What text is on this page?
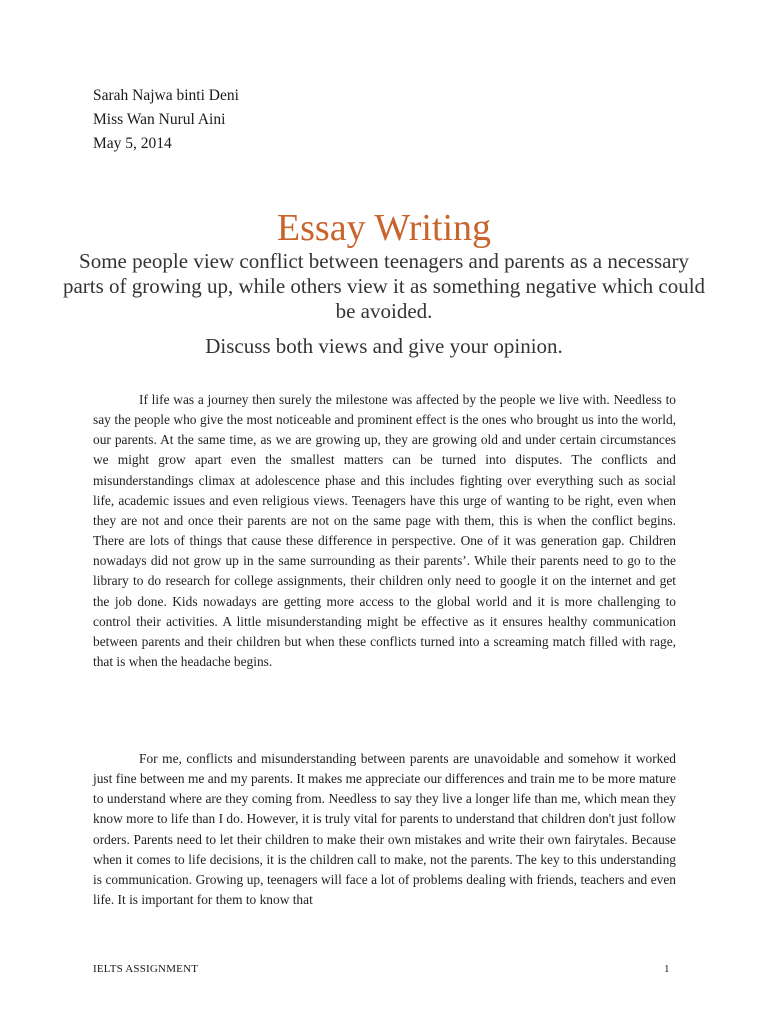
Sarah Najwa binti Deni
Miss Wan Nurul Aini
May 5, 2014
Essay Writing
Some people view conflict between teenagers and parents as a necessary parts of growing up, while others view it as something negative which could be avoided.
Discuss both views and give your opinion.

If life was a journey then surely the milestone was affected by the people we live with. Needless to say the people who give the most noticeable and prominent effect is the ones who brought us into the world, our parents. At the same time, as we are growing up, they are growing old and under certain circumstances we might grow apart even the smallest matters can be turned into disputes. The conflicts and misunderstandings climax at adolescence phase and this includes fighting over everything such as social life, academic issues and even religious views. Teenagers have this urge of wanting to be right, even when they are not and once their parents are not on the same page with them, this is when the conflict begins. There are lots of things that cause these difference in perspective. One of it was generation gap. Children nowadays did not grow up in the same surrounding as their parents’. While their parents need to go to the library to do research for college assignments, their children only need to google it on the internet and get the job done. Kids nowadays are getting more access to the global world and it is more challenging to control their activities. A little misunderstanding might be effective as it ensures healthy communication between parents and their children but when these conflicts turned into a screaming match filled with rage, that is when the headache begins.

For me, conflicts and misunderstanding between parents are unavoidable and somehow it worked just fine between me and my parents. It makes me appreciate our differences and train me to be more mature to understand where are they coming from. Needless to say they live a longer life than me, which mean they know more to life than I do. However, it is truly vital for parents to understand that children don't just follow orders. Parents need to let their children to make their own mistakes and write their own fairytales. Because when it comes to life decisions, it is the children call to make, not the parents. The key to this understanding is communication. Growing up, teenagers will face a lot of problems dealing with friends, teachers and even life. It is important for them to know that

IELTS ASSIGNMENT	1
